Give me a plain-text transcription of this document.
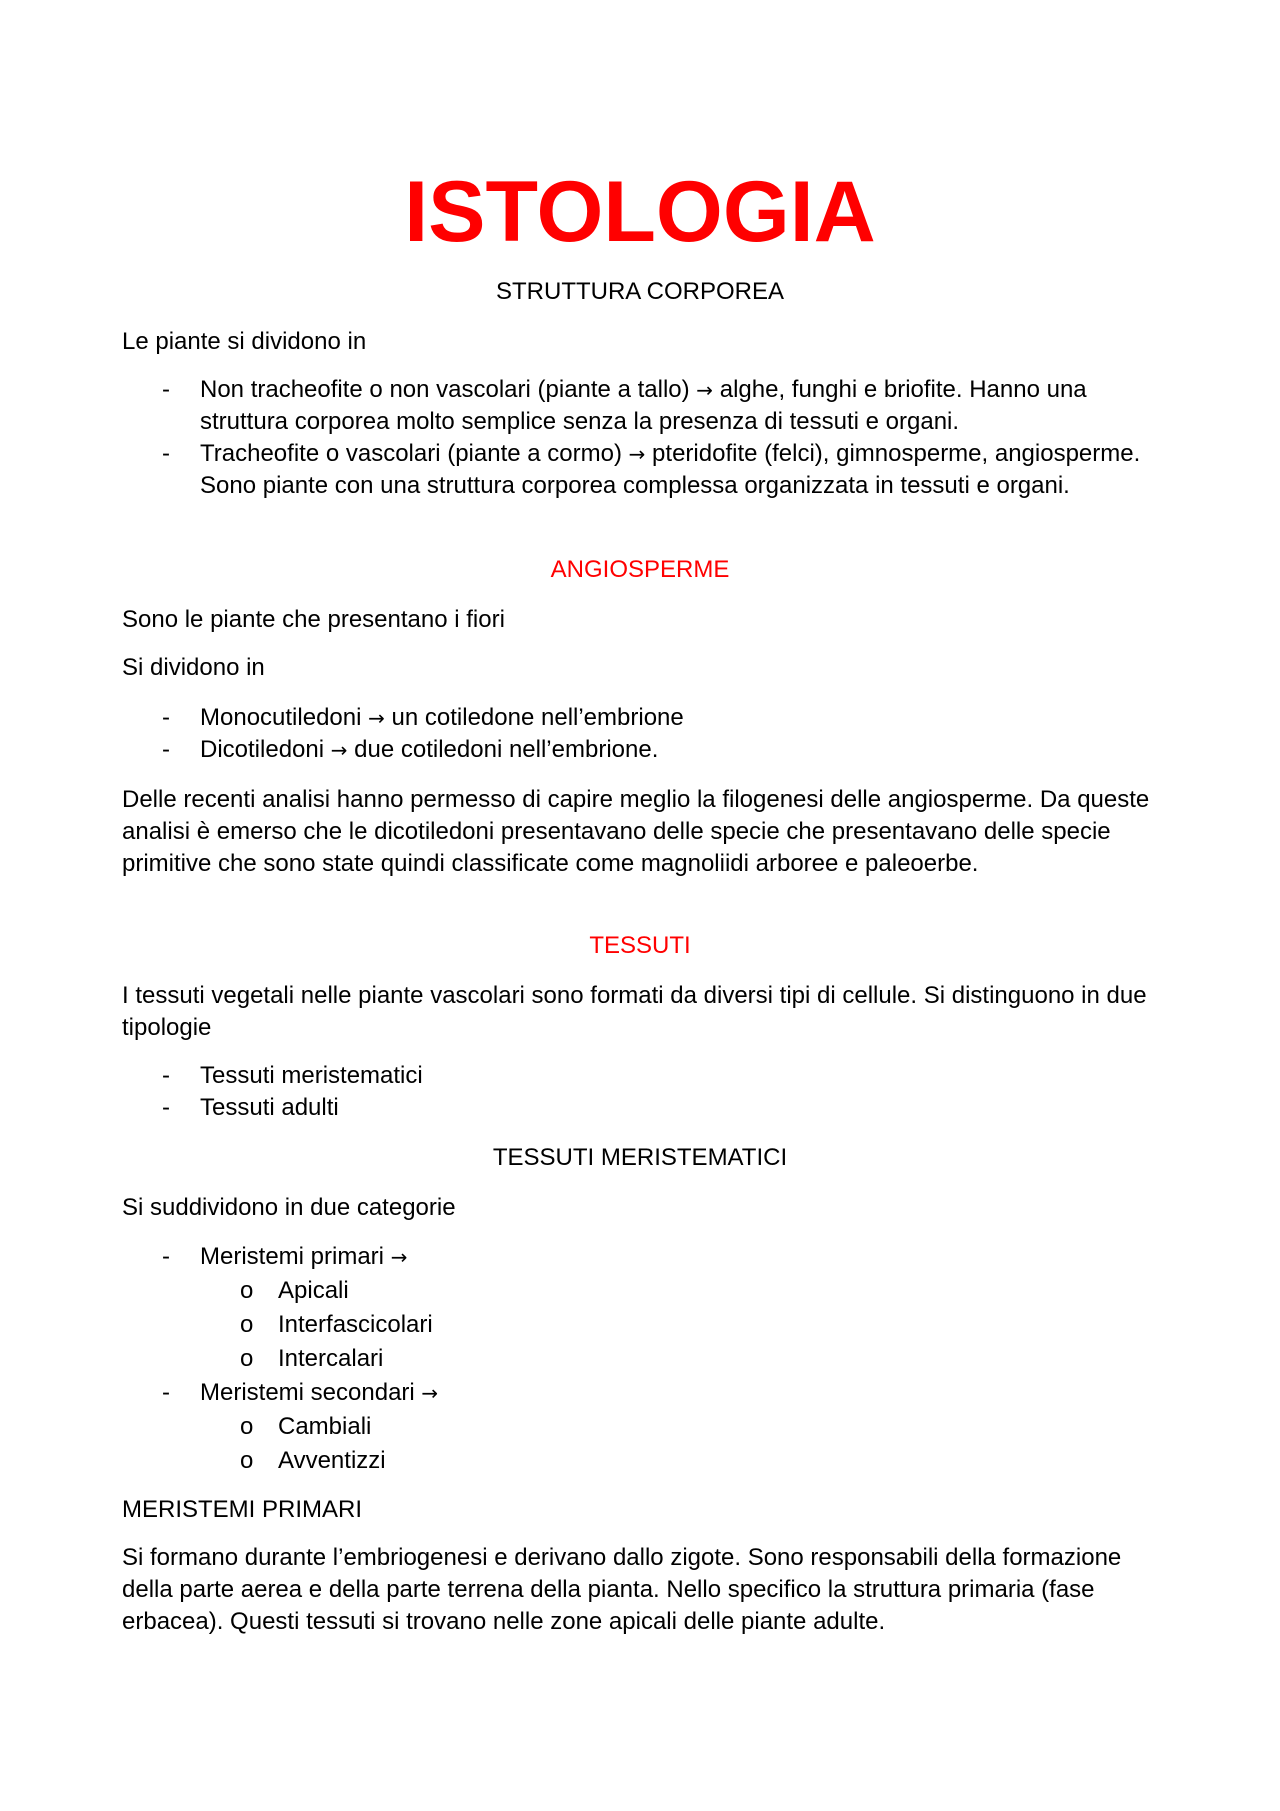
ISTOLOGIA
STRUTTURA CORPOREA
Le piante si dividono in
- Non tracheofite o non vascolari (piante a tallo) → alghe, funghi e briofite. Hanno una struttura corporea molto semplice senza la presenza di tessuti e organi.
- Tracheofite o vascolari (piante a cormo) → pteridofite (felci), gimnosperme, angiosperme. Sono piante con una struttura corporea complessa organizzata in tessuti e organi.
ANGIOSPERME
Sono le piante che presentano i fiori
Si dividono in
- Monocutiledoni → un cotiledone nell’embrione
- Dicotiledoni → due cotiledoni nell’embrione.
Delle recenti analisi hanno permesso di capire meglio la filogenesi delle angiosperme. Da queste analisi è emerso che le dicotiledoni presentavano delle specie che presentavano delle specie primitive che sono state quindi classificate come magnoliidi arboree e paleoerbe.
TESSUTI
I tessuti vegetali nelle piante vascolari sono formati da diversi tipi di cellule. Si distinguono in due tipologie
- Tessuti meristematici
- Tessuti adulti
TESSUTI MERISTEMATICI
Si suddividono in due categorie
- Meristemi primari →
o Apicali
o Interfascicolari
o Intercalari
- Meristemi secondari →
o Cambiali
o Avventizzi
MERISTEMI PRIMARI
Si formano durante l’embriogenesi e derivano dallo zigote. Sono responsabili della formazione della parte aerea e della parte terrena della pianta. Nello specifico la struttura primaria (fase erbacea). Questi tessuti si trovano nelle zone apicali delle piante adulte.
